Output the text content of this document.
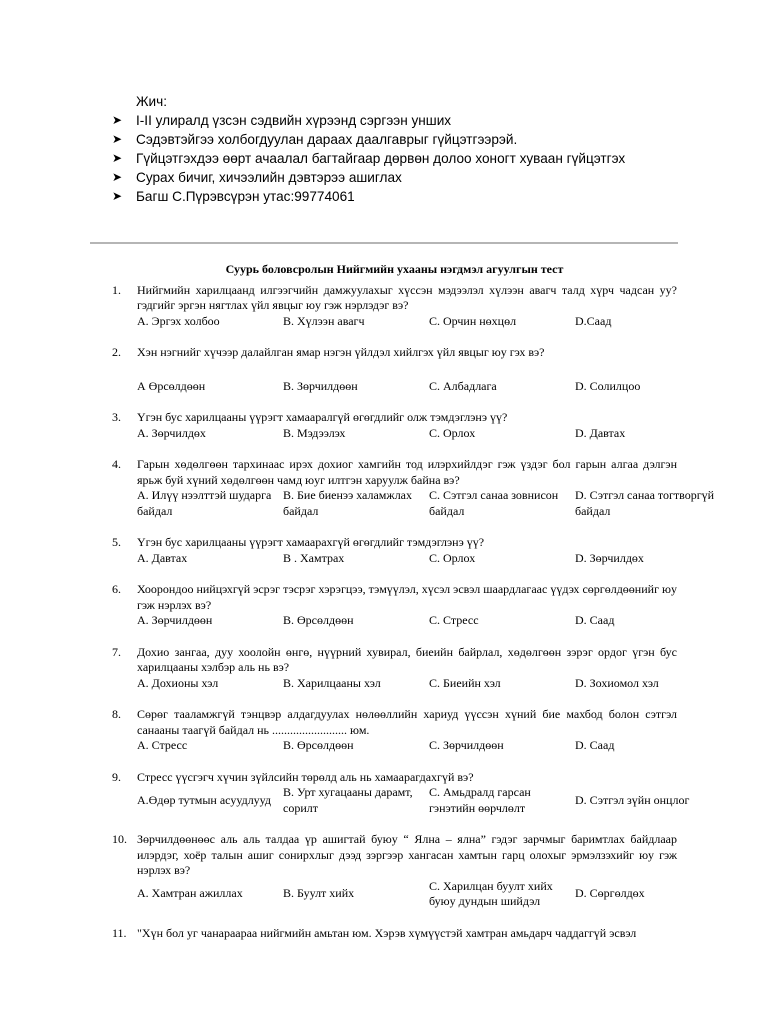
Жич:
➤	I-II улиралд үзсэн сэдвийн хүрээнд сэргээн унших
➤	Сэдэвтэйгээ холбогдуулан дараах даалгаврыг гүйцэтгээрэй.
➤	Гүйцэтгэхдээ өөрт ачаалал багтайгаар дөрвөн долоо хоногт хуваан гүйцэтгэх
➤	Сурах бичиг, хичээлийн дэвтэрээ ашиглах
➤	Багш С.Пүрэвсүрэн утас:99774061
Суурь боловсролын Нийгмийн ухааны нэгдмэл агуулгын тест
1.	Нийгмийн харилцаанд илгээгчийн дамжуулахыг хүссэн мэдээлэл хүлээн авагч талд хүрч чадсан уу? гэдгийг эргэн нягтлах үйл явцыг юу гэж нэрлэдэг вэ?
А. Эргэх холбоо	В. Хүлээн авагч	С. Орчин нөхцөл	D.Саад
2.	Хэн нэгнийг хүчээр далайлган ямар нэгэн үйлдэл хийлгэх үйл явцыг юу гэх вэ?
А Өрсөлдөөн	В. Зөрчилдөөн	С. Албадлага	D. Солилцоо
3.	Үгэн бус харилцааны үүрэгт хамааралгүй өгөгдлийг олж тэмдэглэнэ үү?
А. Зөрчилдөх	В. Мэдээлэх	С. Орлох	D. Давтах
4.	Гарын хөдөлгөөн тархинаас ирэх дохиог хамгийн тод илэрхийлдэг гэж үздэг бол гарын алгаа дэлгэн ярьж буй хүний хөдөлгөөн чамд юуг илтгэн харуулж байна вэ?
А. Илүү нээлттэй шударга байдал
В. Бие биенээ халамжлах байдал
С. Сэтгэл санаа зовнисон байдал
D. Сэтгэл санаа тогтворгүй байдал
5.	Үгэн бус харилцааны үүрэгт хамаарахгүй өгөгдлийг тэмдэглэнэ үү?
А. Давтах	В . Хамтрах	С. Орлох	D. Зөрчилдөх
6.	Хоорондоо нийцэхгүй эсрэг тэсрэг хэрэгцээ, тэмүүлэл, хүсэл эсвэл шаардлагаас үүдэх сөргөлдөөнийг юу гэж нэрлэх вэ?
А. Зөрчилдөөн	В. Өрсөлдөөн	С. Стресс	D. Саад
7.	Дохио зангаа, дуу хоолойн өнгө, нүүрний хувирал, биеийн байрлал, хөдөлгөөн зэрэг ордог үгэн бус харилцааны хэлбэр аль нь вэ?
А. Дохионы хэл	В. Харилцааны хэл	С. Биеийн хэл	D. Зохиомол хэл
8.	Сөрөг тааламжгүй тэнцвэр алдагдуулах нөлөөллийн хариуд үүссэн хүний бие махбод болон сэтгэл санааны таагүй байдал нь ......................... юм.
А. Стресс	В. Өрсөлдөөн	С. Зөрчилдөөн	D. Саад
9.	Стресс үүсгэгч хүчин зүйлсийн төрөлд аль нь хамаарагдахгүй вэ?
А.Өдөр тутмын асуудлууд
В. Урт хугацааны дарамт, сорилт
С. Амьдралд гарсан гэнэтийн өөрчлөлт
D. Сэтгэл зүйн онцлог
10. Зөрчилдөөнөөс аль аль талдаа үр ашигтай буюу “ Ялна – ялна” гэдэг зарчмыг баримтлах байдлаар илэрдэг, хоёр талын ашиг сонирхлыг дээд зэргээр хангасан хамтын гарц олохыг эрмэлзэхийг юу гэж нэрлэх вэ?
А. Хамтран ажиллах	В. Буулт хийх
С. Харилцан буулт хийх буюу дундын шийдэл
D. Сөргөлдөх
11. "Хүн бол уг чанараараа нийгмийн амьтан юм. Хэрэв хүмүүстэй хамтран амьдарч чаддаггүй эсвэл
